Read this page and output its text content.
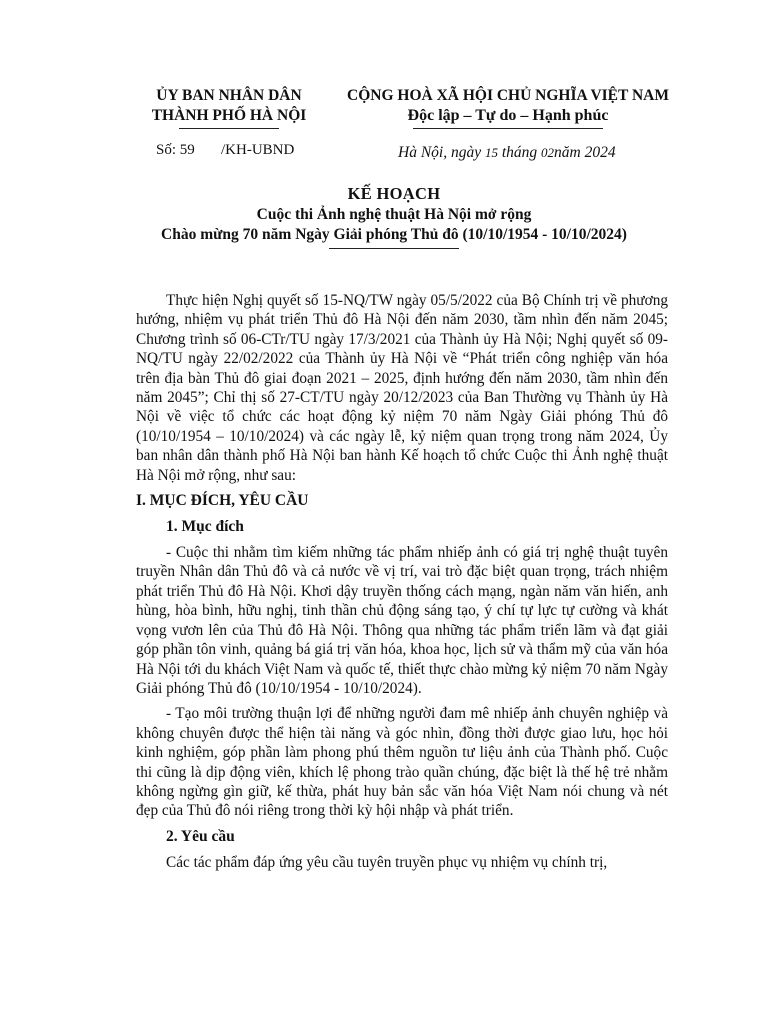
ỦY BAN NHÂN DÂN
THÀNH PHỐ HÀ NỘI
CỘNG HOÀ XÃ HỘI CHỦ NGHĨA VIỆT NAM
Độc lập – Tự do – Hạnh phúc
Số: 59 /KH-UBND	Hà Nội, ngày 15 tháng 02năm 2024
KẾ HOẠCH
Cuộc thi Ảnh nghệ thuật Hà Nội mở rộng
Chào mừng 70 năm Ngày Giải phóng Thủ đô (10/10/1954 - 10/10/2024)

Thực hiện Nghị quyết số 15-NQ/TW ngày 05/5/2022 của Bộ Chính trị về phương hướng, nhiệm vụ phát triển Thủ đô Hà Nội đến năm 2030, tầm nhìn đến năm 2045; Chương trình số 06-CTr/TU ngày 17/3/2021 của Thành ủy Hà Nội; Nghị quyết số 09-NQ/TU ngày 22/02/2022 của Thành ủy Hà Nội về “Phát triển công nghiệp văn hóa trên địa bàn Thủ đô giai đoạn 2021 – 2025, định hướng đến năm 2030, tầm nhìn đến năm 2045”; Chỉ thị số 27-CT/TU ngày 20/12/2023 của Ban Thường vụ Thành ủy Hà Nội về việc tổ chức các hoạt động kỷ niệm 70 năm Ngày Giải phóng Thủ đô (10/10/1954 – 10/10/2024) và các ngày lễ, kỷ niệm quan trọng trong năm 2024, Ủy ban nhân dân thành phố Hà Nội ban hành Kế hoạch tổ chức Cuộc thi Ảnh nghệ thuật Hà Nội mở rộng, như sau:

I. MỤC ĐÍCH, YÊU CẦU
1. Mục đích

- Cuộc thi nhằm tìm kiếm những tác phẩm nhiếp ảnh có giá trị nghệ thuật tuyên truyền Nhân dân Thủ đô và cả nước về vị trí, vai trò đặc biệt quan trọng, trách nhiệm phát triển Thủ đô Hà Nội. Khơi dậy truyền thống cách mạng, ngàn năm văn hiến, anh hùng, hòa bình, hữu nghị, tinh thần chủ động sáng tạo, ý chí tự lực tự cường và khát vọng vươn lên của Thủ đô Hà Nội. Thông qua những tác phẩm triển lãm và đạt giải góp phần tôn vinh, quảng bá giá trị văn hóa, khoa học, lịch sử và thẩm mỹ của văn hóa Hà Nội tới du khách Việt Nam và quốc tế, thiết thực chào mừng kỷ niệm 70 năm Ngày Giải phóng Thủ đô (10/10/1954 - 10/10/2024).

- Tạo môi trường thuận lợi để những người đam mê nhiếp ảnh chuyên nghiệp và không chuyên được thể hiện tài năng và góc nhìn, đồng thời được giao lưu, học hỏi kinh nghiệm, góp phần làm phong phú thêm nguồn tư liệu ảnh của Thành phố. Cuộc thi cũng là dịp động viên, khích lệ phong trào quần chúng, đặc biệt là thế hệ trẻ nhằm không ngừng gìn giữ, kế thừa, phát huy bản sắc văn hóa Việt Nam nói chung và nét đẹp của Thủ đô nói riêng trong thời kỳ hội nhập và phát triển.

2. Yêu cầu

Các tác phẩm đáp ứng yêu cầu tuyên truyền phục vụ nhiệm vụ chính trị,
